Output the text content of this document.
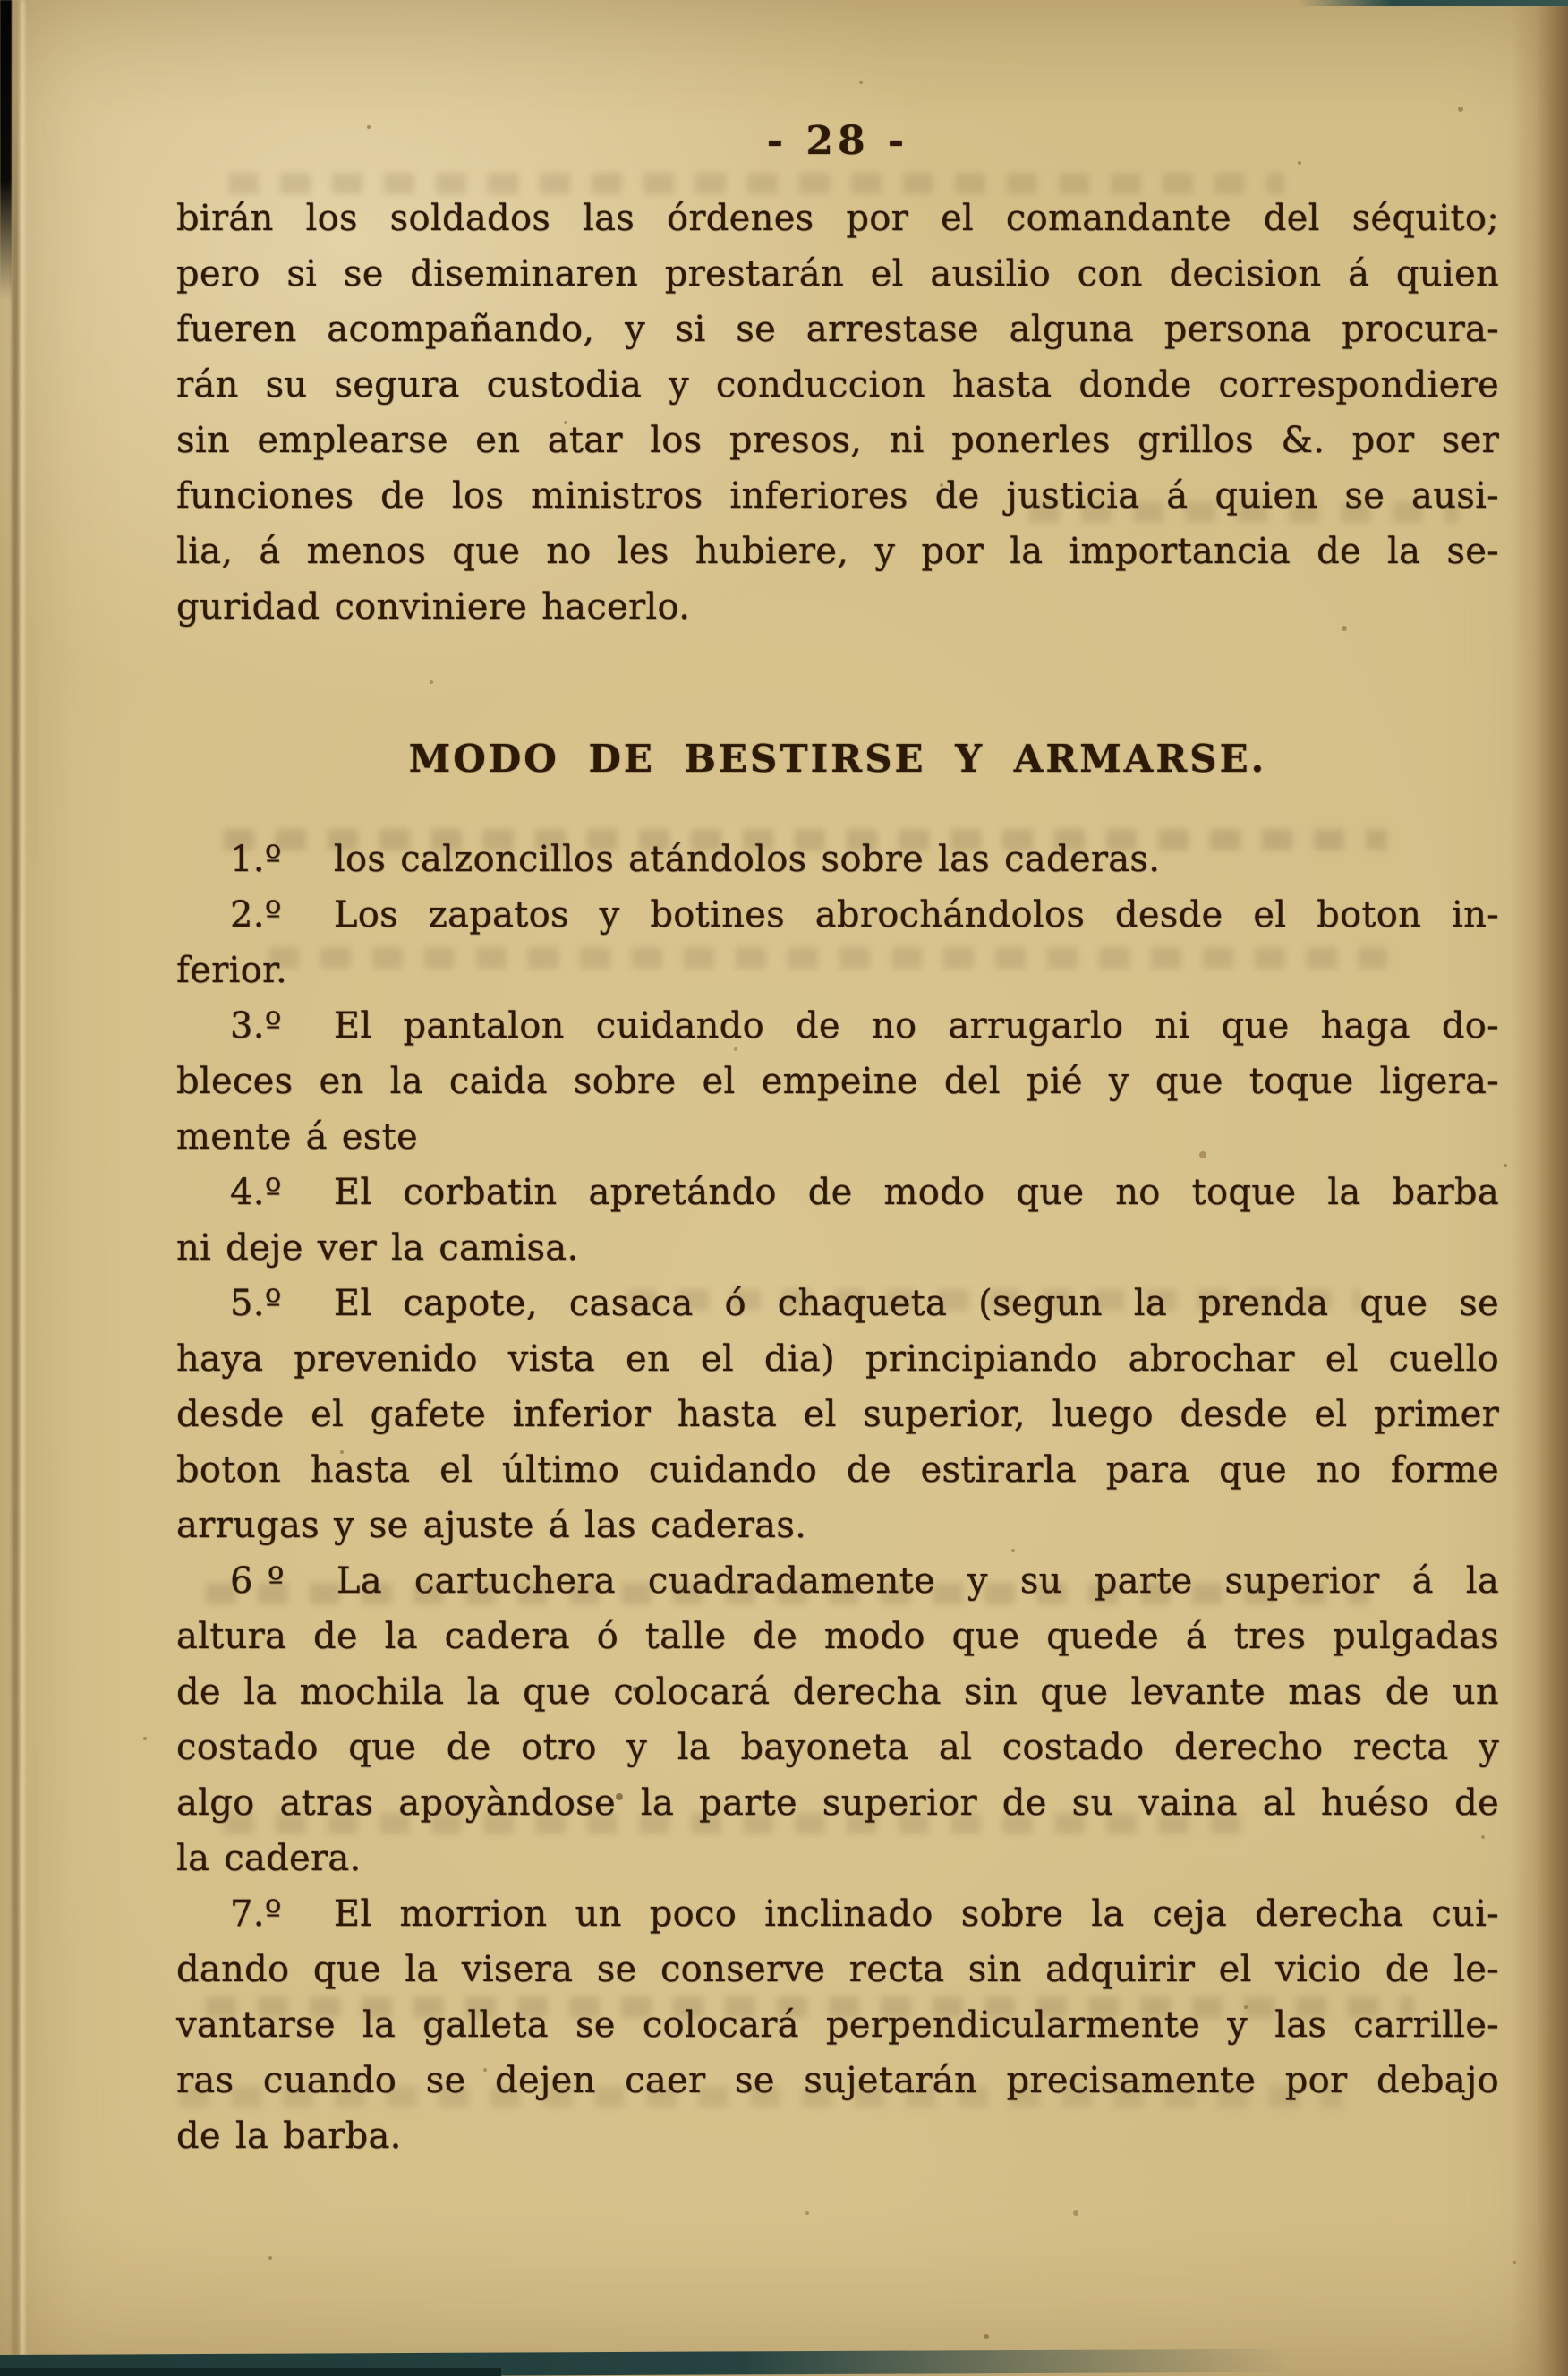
- 28 -
birán los soldados las órdenes por el comandante del séquito;
pero si se diseminaren prestarán el ausilio con decision á quien
fueren acompañando, y si se arrestase alguna persona procura-
rán su segura custodia y conduccion hasta donde correspondiere
sin emplearse en atar los presos, ni ponerles grillos &. por ser
funciones de los ministros inferiores de justicia á quien se ausi-
lia, á menos que no les hubiere, y por la importancia de la se-
guridad conviniere hacerlo.
MODO DE BESTIRSE Y ARMARSE.
1.º los calzoncillos atándolos sobre las caderas.
2.º Los zapatos y botines abrochándolos desde el boton in-
ferior.
3.º El pantalon cuidando de no arrugarlo ni que haga do-
bleces en la caida sobre el empeine del pié y que toque ligera-
mente á este
4.º El corbatin apretándo de modo que no toque la barba
ni deje ver la camisa.
5.º El capote, casaca ó chaqueta (segun la prenda que se
haya prevenido vista en el dia) principiando abrochar el cuello
desde el gafete inferior hasta el superior, luego desde el primer
boton hasta el último cuidando de estirarla para que no forme
arrugas y se ajuste á las caderas.
6 º La cartuchera cuadradamente y su parte superior á la
altura de la cadera ó talle de modo que quede á tres pulgadas
de la mochila la que colocará derecha sin que levante mas de un
costado que de otro y la bayoneta al costado derecho recta y
algo atras apoyàndose la parte superior de su vaina al huéso de
la cadera.
7.º El morrion un poco inclinado sobre la ceja derecha cui-
dando que la visera se conserve recta sin adquirir el vicio de le-
vantarse la galleta se colocará perpendicularmente y las carrille-
ras cuando se dejen caer se sujetarán precisamente por debajo
de la barba.
